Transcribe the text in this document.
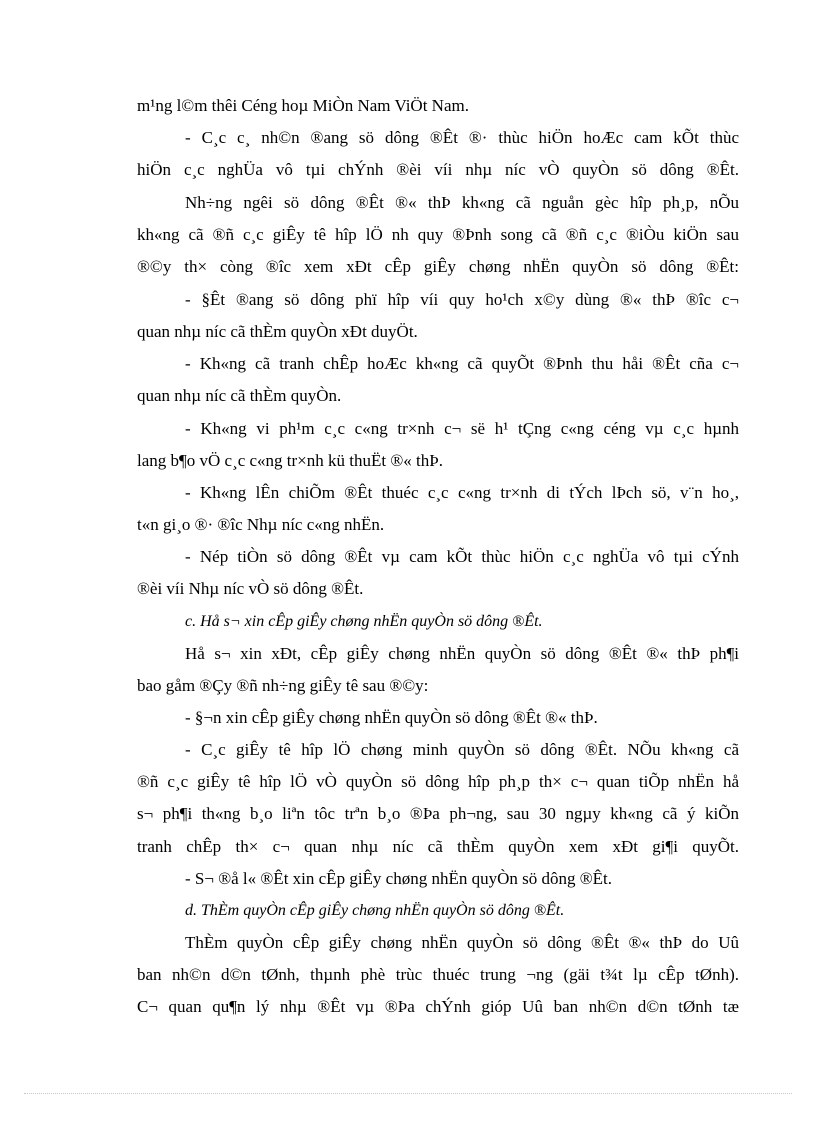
m¹ng l©m thêi Céng hoµ MiÒn Nam ViÖt Nam.
- C¸c c¸ nh©n ®ang sö dông ®Êt ®· thùc hiÖn hoÆc cam kÕt thùc
hiÖn c¸c nghÜa vô tµi chÝnh ®èi víi nhµ níc vÒ quyÒn sö dông ®Êt.
Nh÷ng ngêi sö dông ®Êt ®« thÞ kh«ng cã nguån gèc hîp ph¸p, nÕu
kh«ng cã ®ñ c¸c giÊy tê hîp lÖ nh quy ®Þnh song cã ®ñ c¸c ®iÒu kiÖn sau
®©y th× còng ®îc xem xÐt cÊp giÊy chøng nhËn quyÒn sö dông ®Êt:
- §Êt ®ang sö dông phï hîp víi quy ho¹ch x©y dùng ®« thÞ ®îc c¬
quan nhµ níc cã thÈm quyÒn xÐt duyÖt.
- Kh«ng cã tranh chÊp hoÆc kh«ng cã quyÕt ®Þnh thu håi ®Êt cña c¬
quan nhµ níc cã thÈm quyÒn.
- Kh«ng vi ph¹m c¸c c«ng tr×nh c¬ së h¹ tÇng c«ng céng vµ c¸c hµnh
lang b¶o vÖ c¸c c«ng tr×nh kü thuËt ®« thÞ.
- Kh«ng lÊn chiÕm ®Êt thuéc c¸c c«ng tr×nh di tÝch lÞch sö, v¨n ho¸,
t«n gi¸o ®· ®îc Nhµ níc c«ng nhËn.
- Nép tiÒn sö dông ®Êt vµ cam kÕt thùc hiÖn c¸c nghÜa vô tµi cÝnh
®èi víi Nhµ níc vÒ sö dông ®Êt.
c. Hå s¬ xin cÊp giÊy chøng nhËn quyÒn sö dông ®Êt.
Hå s¬ xin xÐt, cÊp giÊy chøng nhËn quyÒn sö dông ®Êt ®« thÞ ph¶i
bao gåm ®Çy ®ñ nh÷ng giÊy tê sau ®©y:
- §¬n xin cÊp giÊy chøng nhËn quyÒn sö dông ®Êt ®« thÞ.
- C¸c giÊy tê hîp lÖ chøng minh quyÒn sö dông ®Êt. NÕu kh«ng cã
®ñ c¸c giÊy tê hîp lÖ vÒ quyÒn sö dông hîp ph¸p th× c¬ quan tiÕp nhËn hå
s¬ ph¶i th«ng b¸o liªn tôc trªn b¸o ®Þa ph¬ng, sau 30 ngµy kh«ng cã ý kiÕn
tranh chÊp th× c¬ quan nhµ níc cã thÈm quyÒn xem xÐt gi¶i quyÕt.
- S¬ ®å l« ®Êt xin cÊp giÊy chøng nhËn quyÒn sö dông ®Êt.
d. ThÈm quyÒn cÊp giÊy chøng nhËn quyÒn sö dông ®Êt.
ThÈm quyÒn cÊp giÊy chøng nhËn quyÒn sö dông ®Êt ®« thÞ do Uû
ban nh©n d©n tØnh, thµnh phè trùc thuéc trung ¬ng (gäi t¾t lµ cÊp tØnh).
C¬ quan qu¶n lý nhµ ®Êt vµ ®Þa chÝnh gióp Uû ban nh©n d©n tØnh tæ
